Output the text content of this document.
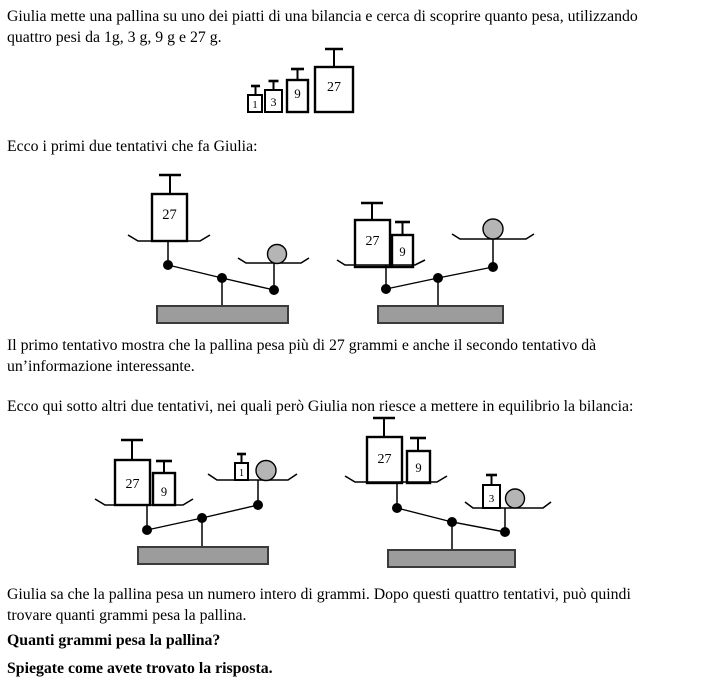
Giulia mette una pallina su uno dei piatti di una bilancia e cerca di scoprire quanto pesa, utilizzando
quattro pesi da 1g, 3 g, 9 g e 27 g.
1 3
9 27
Ecco i primi due tentativi che fa Giulia:
27
27
9
Il primo tentativo mostra che la pallina pesa più di 27 grammi e anche il secondo tentativo dà
un’informazione interessante.
Ecco qui sotto altri due tentativi, nei quali però Giulia non riesce a mettere in equilibrio la bilancia:
27 9
1
27
9
3
Giulia sa che la pallina pesa un numero intero di grammi. Dopo questi quattro tentativi, può quindi
trovare quanti grammi pesa la pallina.
Quanti grammi pesa la pallina?
Spiegate come avete trovato la risposta.
